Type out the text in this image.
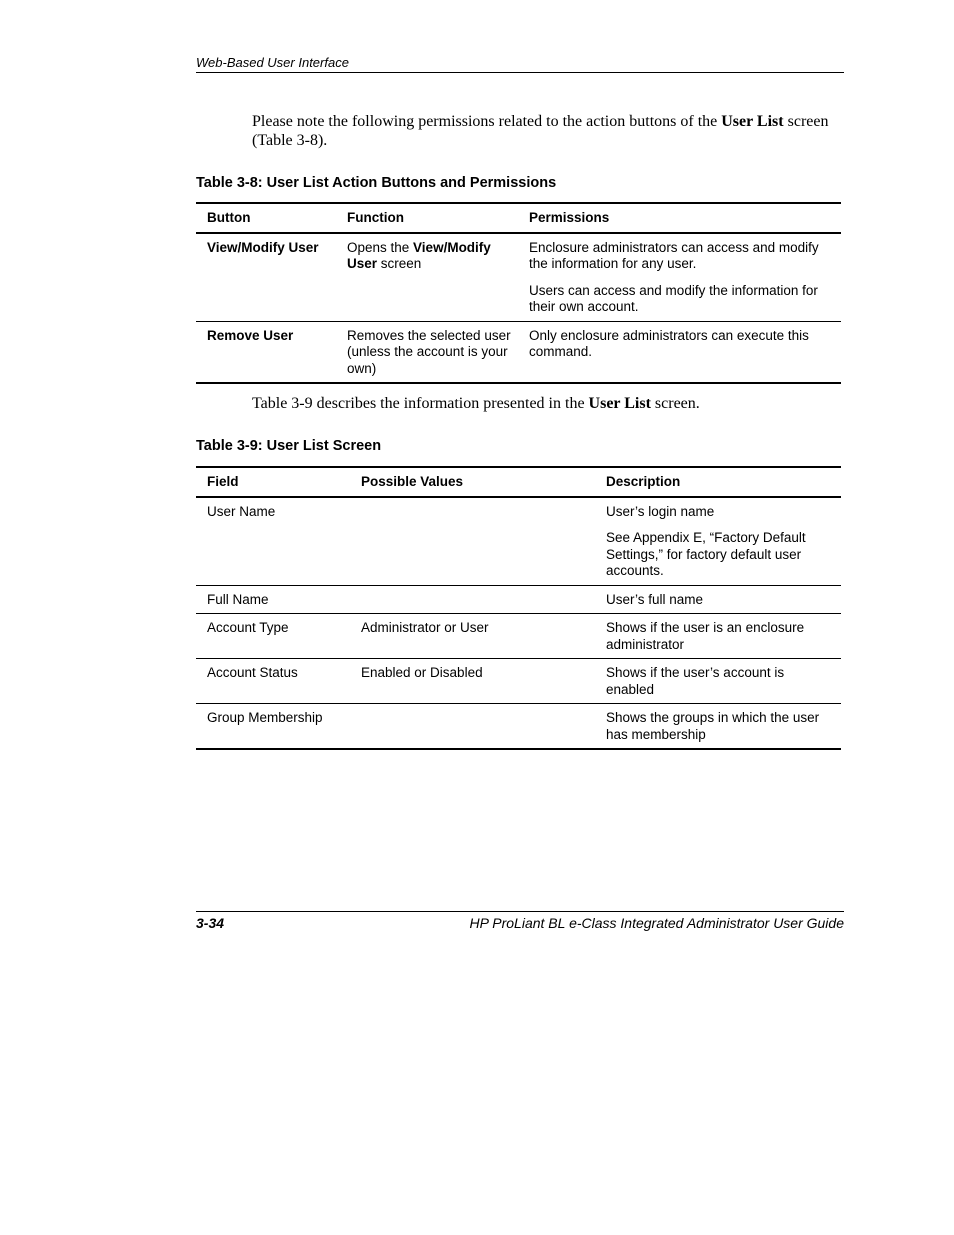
Web-Based User Interface
Please note the following permissions related to the action buttons of the User List screen (Table 3-8).
Table 3-8: User List Action Buttons and Permissions
Button	Function	Permissions
View/Modify User	Opens the View/Modify User screen	Enclosure administrators can access and modify the information for any user.

Users can access and modify the information for their own account.

Remove User	Removes the selected user (unless the account is your own)	Only enclosure administrators can execute this command.

Table 3-9 describes the information presented in the User List screen.
Table 3-9: User List Screen
Field	Possible Values	Description
User Name		User’s login name

See Appendix E, “Factory Default Settings,” for factory default user accounts.

Full Name		User’s full name
Account Type	Administrator or User	Shows if the user is an enclosure administrator
Account Status	Enabled or Disabled	Shows if the user’s account is enabled
Group Membership		Shows the groups in which the user has membership
3-34	HP ProLiant BL e-Class Integrated Administrator User Guide
